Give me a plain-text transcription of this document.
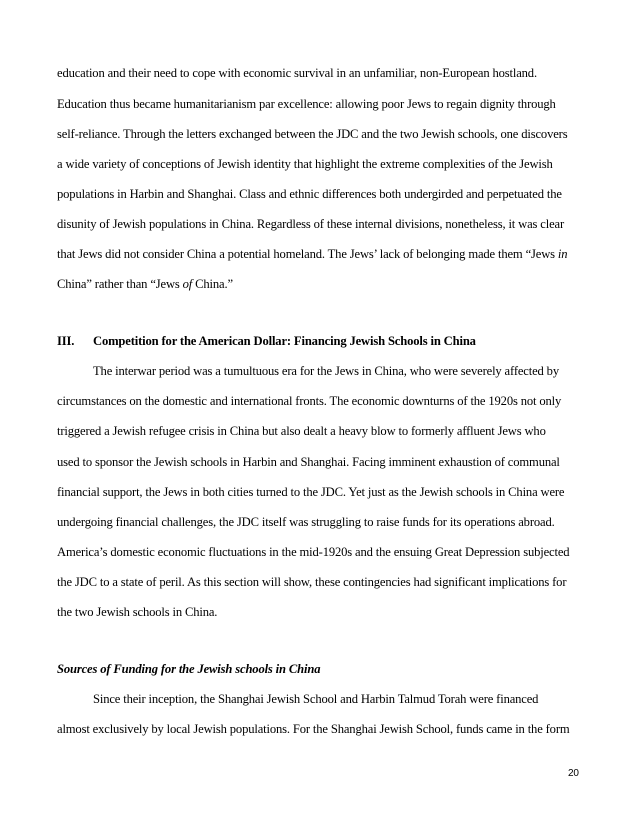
education and their need to cope with economic survival in an unfamiliar, non-European hostland.
Education thus became humanitarianism par excellence: allowing poor Jews to regain dignity through
self-reliance. Through the letters exchanged between the JDC and the two Jewish schools, one discovers
a wide variety of conceptions of Jewish identity that highlight the extreme complexities of the Jewish
populations in Harbin and Shanghai. Class and ethnic differences both undergirded and perpetuated the
disunity of Jewish populations in China. Regardless of these internal divisions, nonetheless, it was clear
that Jews did not consider China a potential homeland. The Jews’ lack of belonging made them “Jews in
China” rather than “Jews of China.”
III. Competition for the American Dollar: Financing Jewish Schools in China
The interwar period was a tumultuous era for the Jews in China, who were severely affected by
circumstances on the domestic and international fronts. The economic downturns of the 1920s not only
triggered a Jewish refugee crisis in China but also dealt a heavy blow to formerly affluent Jews who
used to sponsor the Jewish schools in Harbin and Shanghai. Facing imminent exhaustion of communal
financial support, the Jews in both cities turned to the JDC. Yet just as the Jewish schools in China were
undergoing financial challenges, the JDC itself was struggling to raise funds for its operations abroad.
America’s domestic economic fluctuations in the mid-1920s and the ensuing Great Depression subjected
the JDC to a state of peril. As this section will show, these contingencies had significant implications for
the two Jewish schools in China.
Sources of Funding for the Jewish schools in China
Since their inception, the Shanghai Jewish School and Harbin Talmud Torah were financed
almost exclusively by local Jewish populations. For the Shanghai Jewish School, funds came in the form
20
